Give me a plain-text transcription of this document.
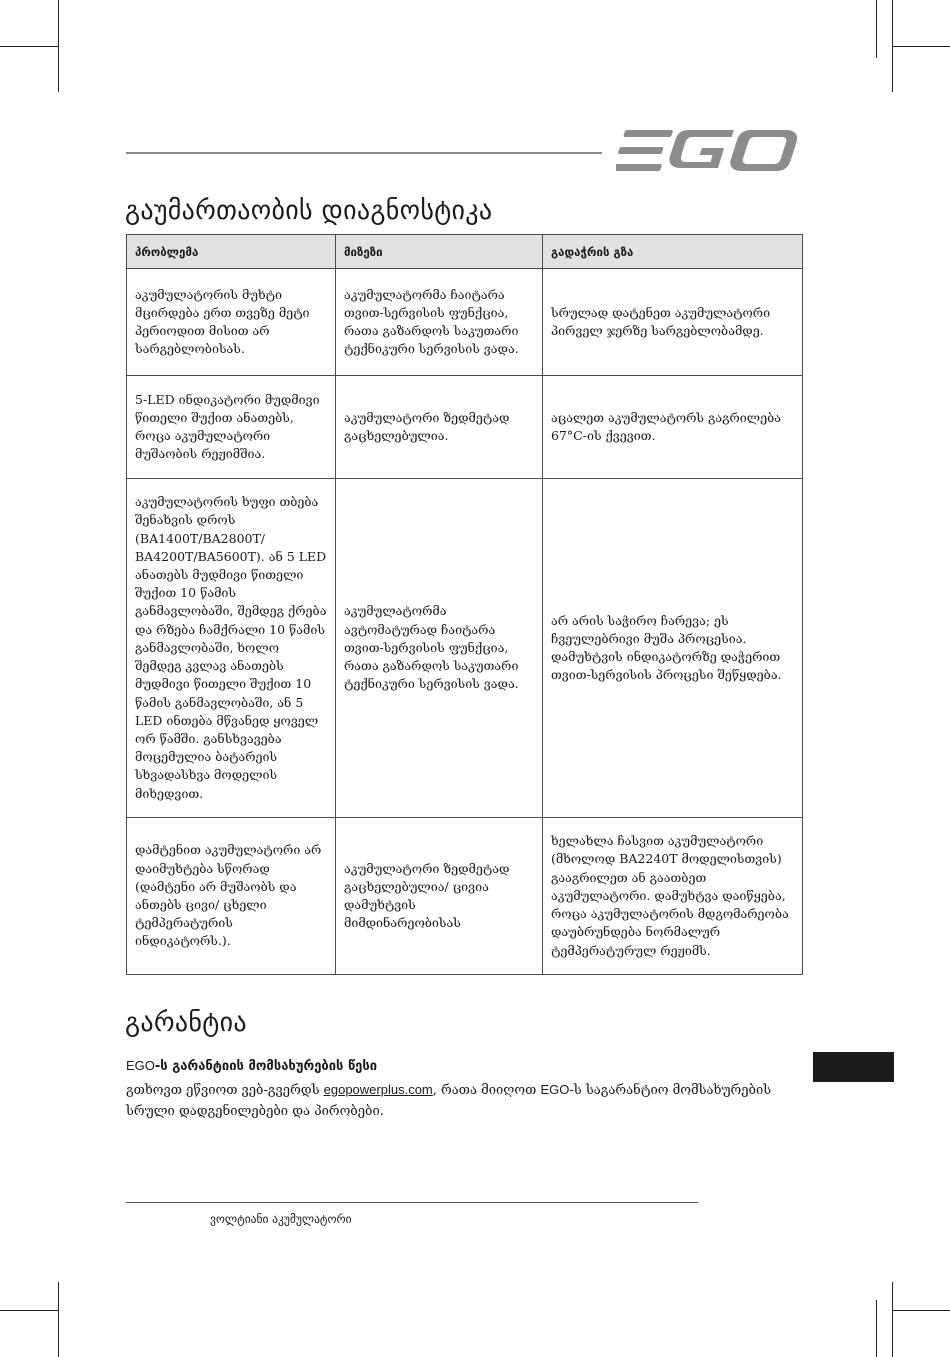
გაუმართაობის დიაგნოსტიკა
პრობლემა	მიზეზი	გადაჭრის გზა
აკუმულატორის მუხტი მცირდება ერთ თვეზე მეტი პერიოდით მისით არ სარგებლობისას.	აკუმულატორმა ჩაიტარა თვით-სერვისის ფუნქცია, რათა გაზარდოს საკუთარი ტექნიკური სერვისის ვადა.	სრულად დატენეთ აკუმულატორი პირველ ჯერზე სარგებლობამდე.
5-LED ინდიკატორი მუდმივი წითელი შუქით ანათებს, როცა აკუმულატორი მუშაობის რეჟიმშია.	აკუმულატორი ზედმეტად გაცხელებულია.	აცალეთ აკუმულატორს გაგრილება 67°C-ის ქვევით.
აკუმულატორის ხუფი თბება შენახვის დროს (BA1400T/BA2800T/ BA4200T/BA5600T). ან 5 LED ანათებს მუდმივი წითელი შუქით 10 წამის განმავლობაში, შემდეგ ქრება და რზება ჩამქრალი 10 წამის განმავლობაში, ხოლო შემდეგ კვლავ ანათებს მუდმივი წითელი შუქით 10 წამის განმავლობაში, ან 5 LED ინთება მწვანედ ყოველ ორ წამში. განსხვავება მოცემულია ბატარეის სხვადასხვა მოდელის მიხედვით.	აკუმულატორმა ავტომატურად ჩაიტარა თვით-სერვისის ფუნქცია, რათა გაზარდოს საკუთარი ტექნიკური სერვისის ვადა.	არ არის საჭირო ჩარევა; ეს ჩვეულებრივი მუშა პროცესია. დამუხტვის ინდიკატორზე დაჭერით თვით-სერვისის პროცესი შეწყდება.
დამტენით აკუმულატორი არ დაიმუხტება სწორად (დამტენი არ მუშაობს და ანთებს ცივი/ ცხელი ტემპერატურის ინდიკატორს.).	აკუმულატორი ზედმეტად გაცხელებულია/ ცივია დამუხტვის მიმდინარეობისას	ხელახლა ჩასვით აკუმულატორი (მხოლოდ BA2240T მოდელისთვის) გააგრილეთ ან გაათბეთ აკუმულატორი. დამუხტვა დაიწყება, როცა აკუმულატორის მდგომარეობა დაუბრუნდება ნორმალურ ტემპერატურულ რეჟიმს.
გარანტია

EGO-ს გარანტიის მომსახურების წესი

გთხოვთ ეწვიოთ ვებ-გვერდს egopowerplus.com, რათა მიიღოთ EGO-ს საგარანტიო მომსახურების სრული დადგენილებები და პირობები.

ვოლტიანი აკუმულატორი
